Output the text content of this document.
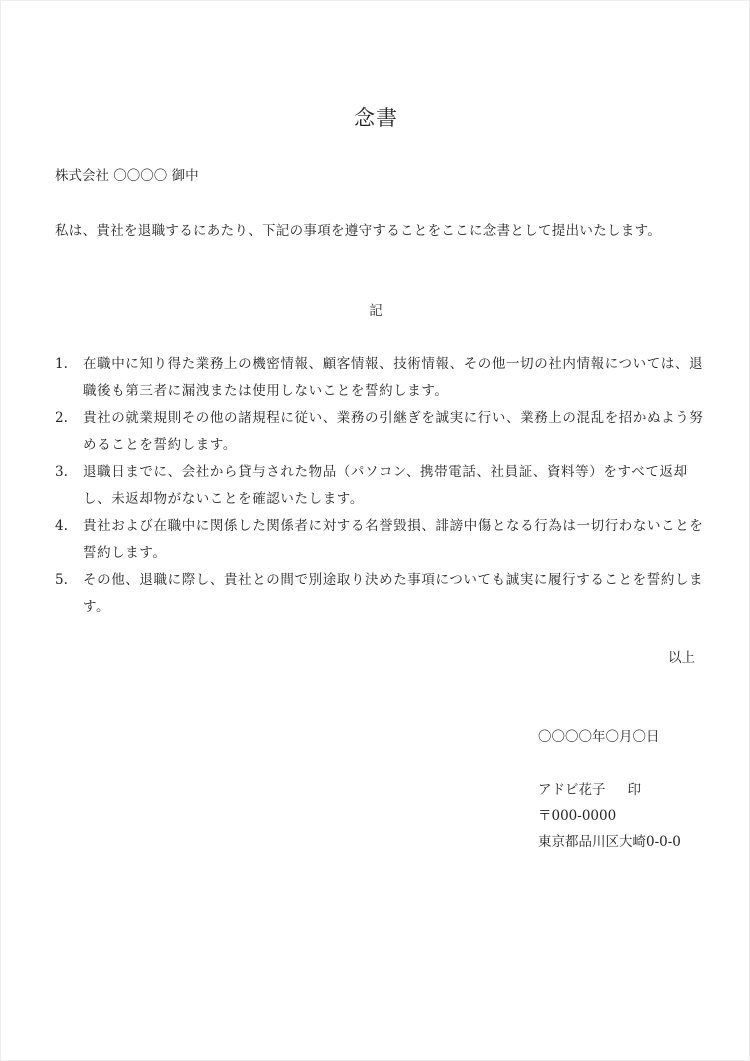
念書
株式会社 〇〇〇〇 御中
私は、貴社を退職するにあたり、下記の事項を遵守することをここに念書として提出いたします。
記
1.	在職中に知り得た業務上の機密情報、顧客情報、技術情報、その他一切の社内情報については、退職後も第三者に漏洩または使用しないことを誓約します。
2.	貴社の就業規則その他の諸規程に従い、業務の引継ぎを誠実に行い、業務上の混乱を招かぬよう努めることを誓約します。
3.	退職日までに、会社から貸与された物品（パソコン、携帯電話、社員証、資料等）をすべて返却し、未返却物がないことを確認いたします。
4.	貴社および在職中に関係した関係者に対する名誉毀損、誹謗中傷となる行為は一切行わないことを誓約します。
5.	その他、退職に際し、貴社との間で別途取り決めた事項についても誠実に履行することを誓約します。
以上
〇〇〇〇年〇月〇日
アドビ花子 印
〒000-0000
東京都品川区大崎0-0-0
